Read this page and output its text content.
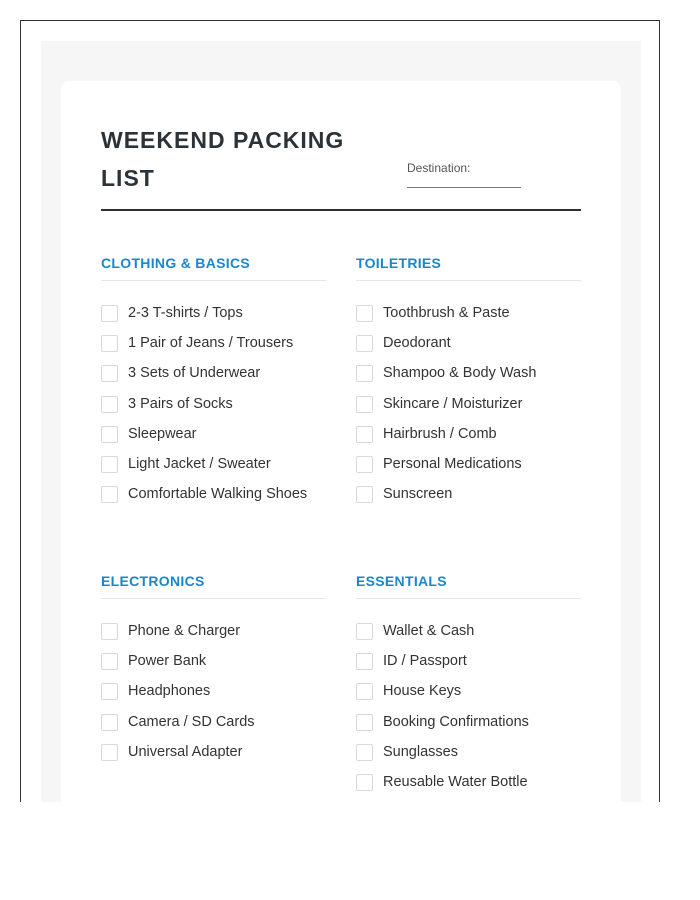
WEEKEND PACKING LIST	Destination:
CLOTHING & BASICS
2-3 T-shirts / Tops
1 Pair of Jeans / Trousers
3 Sets of Underwear
3 Pairs of Socks
Sleepwear
Light Jacket / Sweater
Comfortable Walking Shoes
TOILETRIES
Toothbrush & Paste
Deodorant
Shampoo & Body Wash
Skincare / Moisturizer
Hairbrush / Comb
Personal Medications
Sunscreen
ELECTRONICS
Phone & Charger
Power Bank
Headphones
Camera / SD Cards
Universal Adapter
ESSENTIALS
Wallet & Cash
ID / Passport
House Keys
Booking Confirmations
Sunglasses
Reusable Water Bottle
